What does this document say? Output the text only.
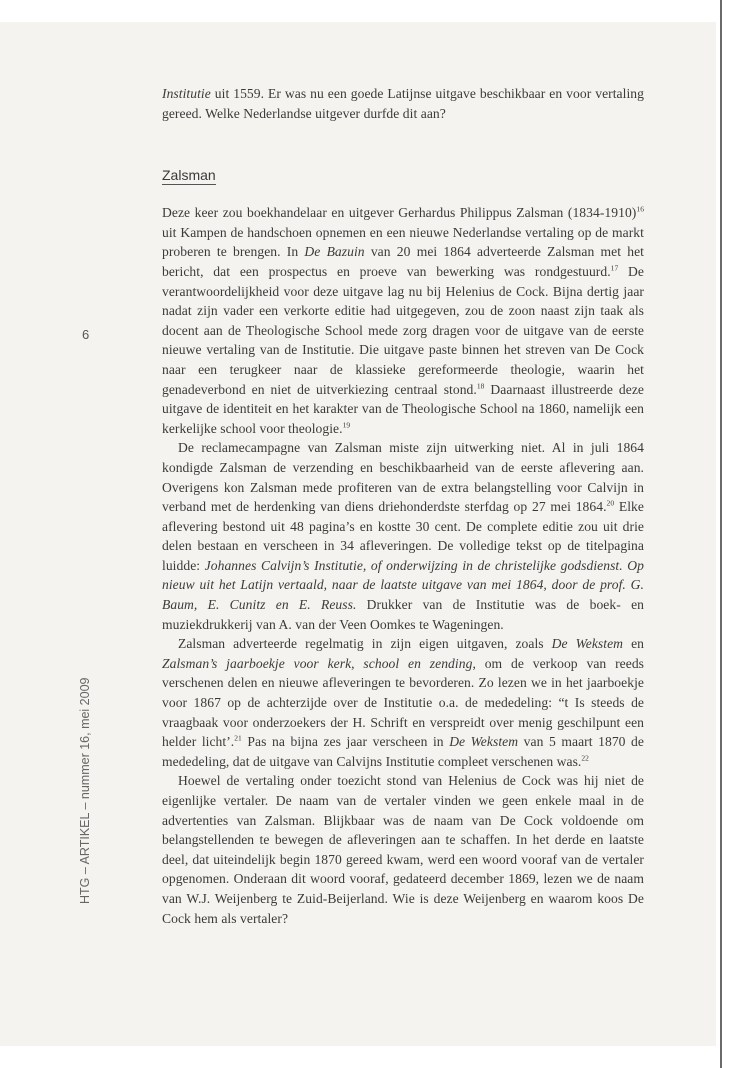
6
HTG – ARTIKEL – nummer 16, mei 2009

Institutie uit 1559. Er was nu een goede Latijnse uitgave beschikbaar en voor vertaling gereed. Welke Nederlandse uitgever durfde dit aan?

Zalsman

Deze keer zou boekhandelaar en uitgever Gerhardus Philippus Zalsman (1834-1910)$^{16}$ uit Kampen de handschoen opnemen en een nieuwe Nederlandse vertaling op de markt proberen te brengen. In De Bazuin van 20 mei 1864 adverteerde Zalsman met het bericht, dat een prospectus en proeve van bewerking was rondgestuurd.$^{17}$ De verantwoordelijkheid voor deze uitgave lag nu bij Helenius de Cock. Bijna dertig jaar nadat zijn vader een verkorte editie had uitgegeven, zou de zoon naast zijn taak als docent aan de Theologische School mede zorg dragen voor de uitgave van de eerste nieuwe vertaling van de Institutie. Die uitgave paste binnen het streven van De Cock naar een terugkeer naar de klassieke gereformeerde theologie, waarin het genadeverbond en niet de uitverkiezing centraal stond.$^{18}$ Daarnaast illustreerde deze uitgave de identiteit en het karakter van de Theologische School na 1860, namelijk een kerkelijke school voor theologie.$^{19}$

De reclamecampagne van Zalsman miste zijn uitwerking niet. Al in juli 1864 kondigde Zalsman de verzending en beschikbaarheid van de eerste aflevering aan. Overigens kon Zalsman mede profiteren van de extra belangstelling voor Calvijn in verband met de herdenking van diens driehonderdste sterfdag op 27 mei 1864.20 Elke aflevering bestond uit 48 pagina’s en kostte 30 cent. De complete editie zou uit drie delen bestaan en verscheen in 34 afleveringen. De volledige tekst op de titelpagina luidde: Johannes Calvijn’s Institutie, of onderwijzing in de christelijke godsdienst. Op nieuw uit het Latijn vertaald, naar de laatste uitgave van mei 1864, door de prof. G. Baum, E. Cunitz en E. Reuss. Drukker van de Institutie was de boek- en muziekdrukkerij van A. van der Veen Oomkes te Wageningen.

Zalsman adverteerde regelmatig in zijn eigen uitgaven, zoals De Wekstem en Zalsman’s jaarboekje voor kerk, school en zending, om de verkoop van reeds verschenen delen en nieuwe afleveringen te bevorderen. Zo lezen we in het jaarboekje voor 1867 op de achterzijde over de Institutie o.a. de mededeling: “t Is steeds de vraagbaak voor onderzoekers der H. Schrift en verspreidt over menig geschilpunt een helder licht’.$^{21}$ Pas na bijna zes jaar verscheen in De Wekstem van 5 maart 1870 de mededeling, dat de uitgave van Calvijns Institutie compleet verschenen was.$^{22}$

Hoewel de vertaling onder toezicht stond van Helenius de Cock was hij niet de eigenlijke vertaler. De naam van de vertaler vinden we geen enkele maal in de advertenties van Zalsman. Blijkbaar was de naam van De Cock voldoende om belangstellenden te bewegen de afleveringen aan te schaffen. In het derde en laatste deel, dat uiteindelijk begin 1870 gereed kwam, werd een woord vooraf van de vertaler opgenomen. Onderaan dit woord vooraf, gedateerd december 1869, lezen we de naam van W.J. Weijenberg te Zuid-Beijerland. Wie is deze Weijenberg en waarom koos De Cock hem als vertaler?
